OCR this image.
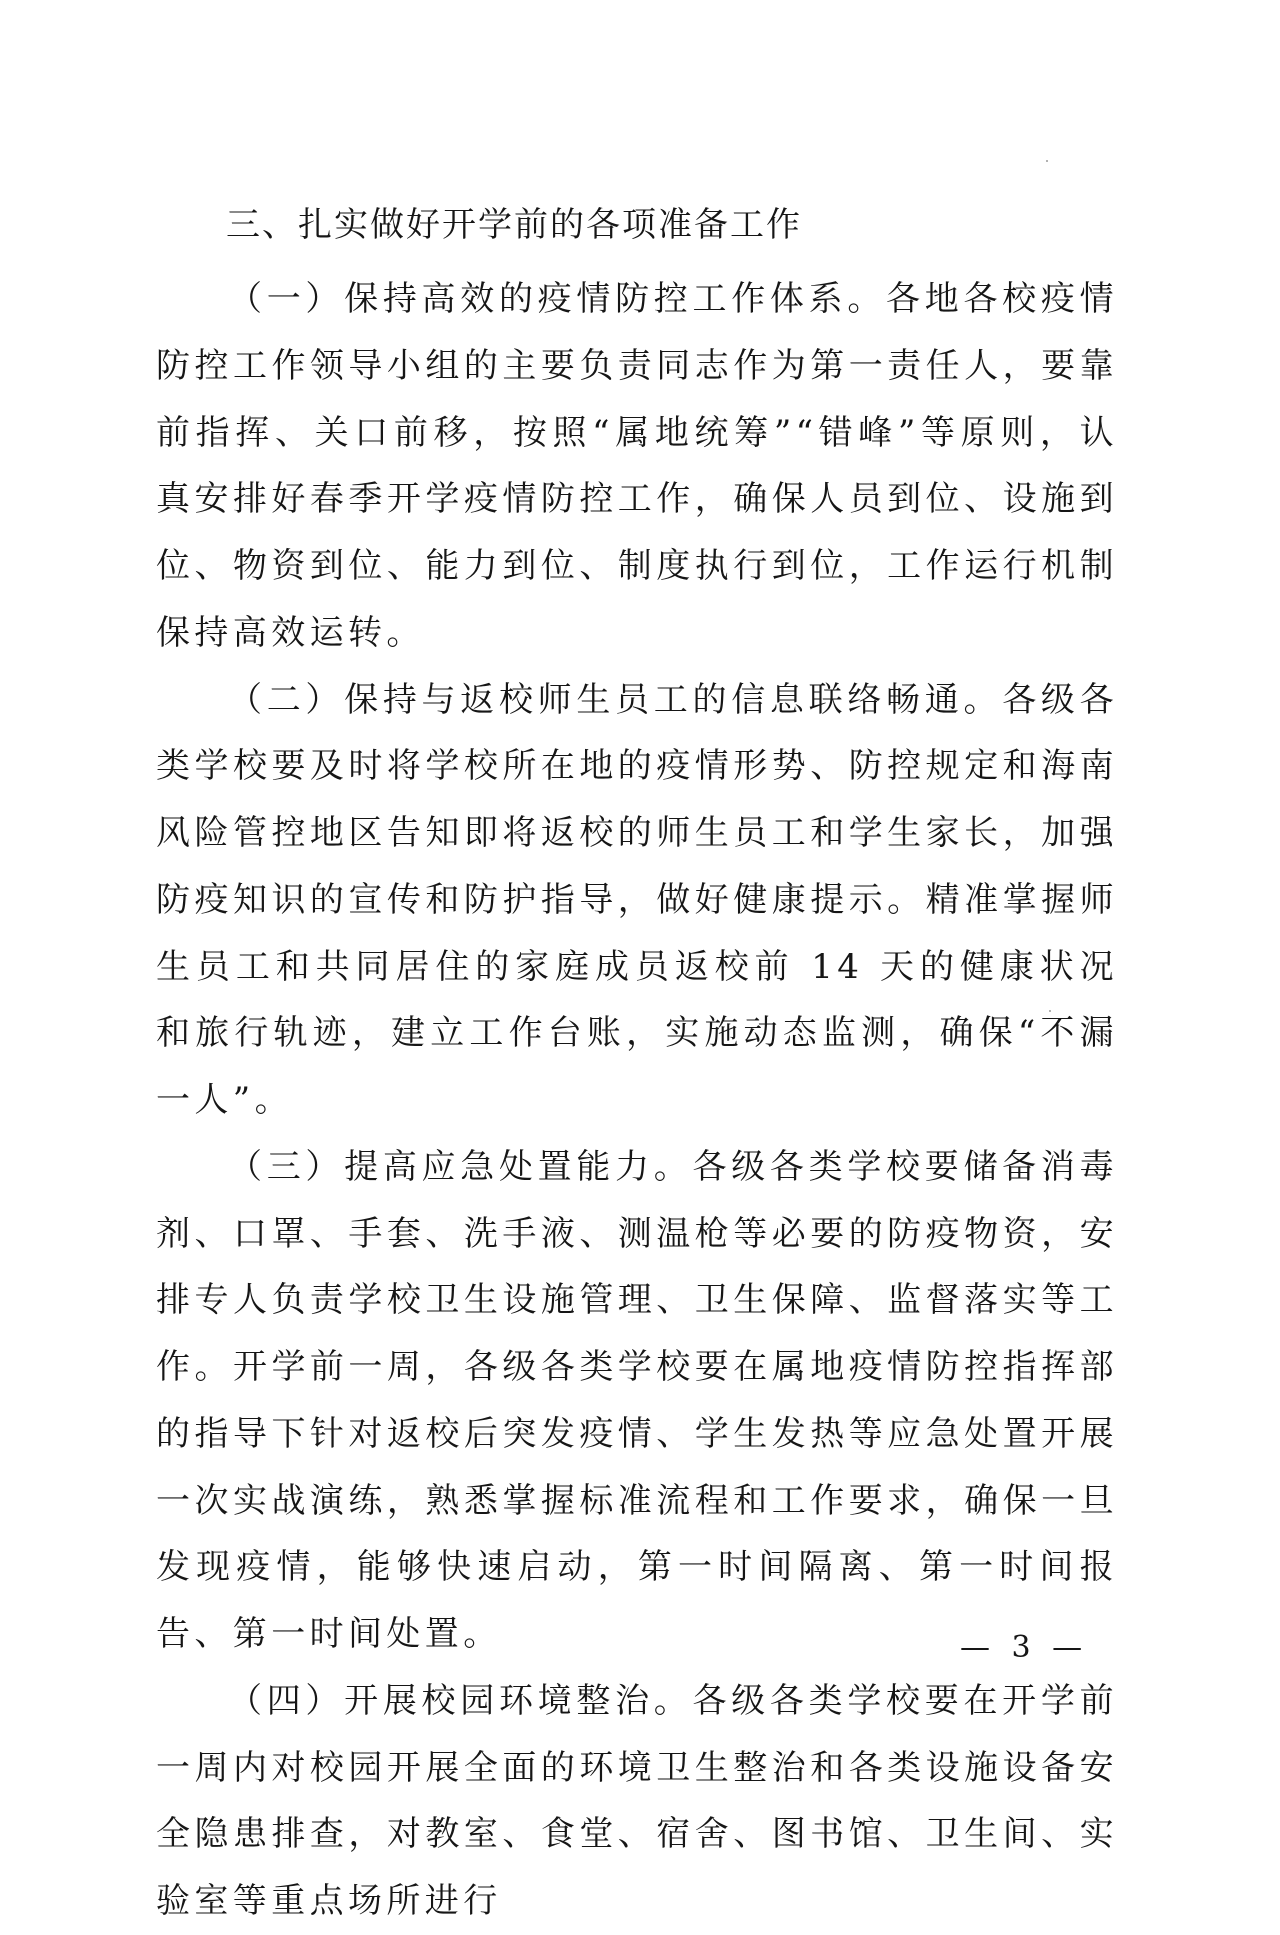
三、扎实做好开学前的各项准备工作

（一）保持高效的疫情防控工作体系。各地各校疫情防控工作领导小组的主要负责同志作为第一责任人，要靠前指挥、关口前移，按照“属地统筹”“错峰”等原则，认真安排好春季开学疫情防控工作，确保人员到位、设施到位、物资到位、能力到位、制度执行到位，工作运行机制保持高效运转。

（二）保持与返校师生员工的信息联络畅通。各级各类学校要及时将学校所在地的疫情形势、防控规定和海南风险管控地区告知即将返校的师生员工和学生家长，加强防疫知识的宣传和防护指导，做好健康提示。精准掌握师生员工和共同居住的家庭成员返校前 14 天的健康状况和旅行轨迹，建立工作台账，实施动态监测，确保“不漏一人”。

（三）提高应急处置能力。各级各类学校要储备消毒剂、口罩、手套、洗手液、测温枪等必要的防疫物资，安排专人负责学校卫生设施管理、卫生保障、监督落实等工作。开学前一周，各级各类学校要在属地疫情防控指挥部的指导下针对返校后突发疫情、学生发热等应急处置开展一次实战演练，熟悉掌握标准流程和工作要求，确保一旦发现疫情，能够快速启动，第一时间隔离、第一时间报告、第一时间处置。

（四）开展校园环境整治。各级各类学校要在开学前一周内对校园开展全面的环境卫生整治和各类设施设备安全隐患排查，对教室、食堂、宿舍、图书馆、卫生间、实验室等重点场所进行

— 3 —
